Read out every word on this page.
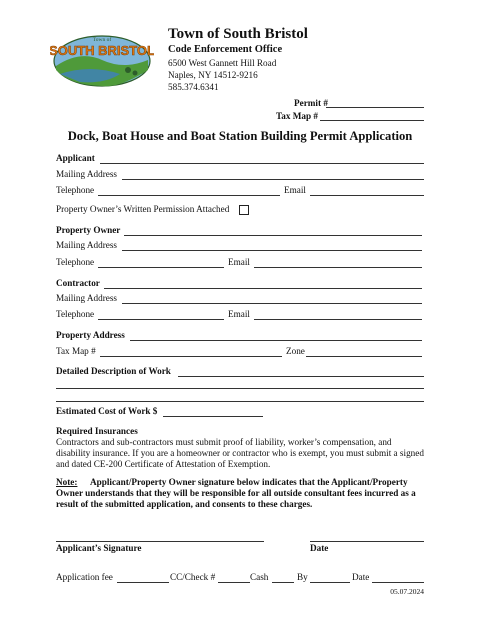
Town of
SOUTH BRISTOL
Town of South Bristol
Code Enforcement Office
6500 West Gannett Hill Road
Naples, NY 14512-9216
585.374.6341
Permit #
Tax Map #
Dock, Boat House and Boat Station Building Permit Application
Applicant
Mailing Address
Telephone	Email
Property Owner’s Written Permission Attached
Property Owner
Mailing Address
Telephone	Email
Contractor
Mailing Address
Telephone	Email
Property Address
Tax Map #	Zone
Detailed Description of Work
Estimated Cost of Work $
Required Insurances
Contractors and sub-contractors must submit proof of liability, worker’s compensation, and disability insurance. If you are a homeowner or contractor who is exempt, you must submit a signed and dated CE-200 Certificate of Attestation of Exemption.
Applicant/Property Owner signature below indicates that the Applicant/Property Owner understands that they will be responsible for all outside consultant fees incurred as a result of the submitted application, and consents to these charges.
Note:
Applicant’s Signature	Date
Application fee	CC/Check #	Cash	By	Date
05.07.2024
